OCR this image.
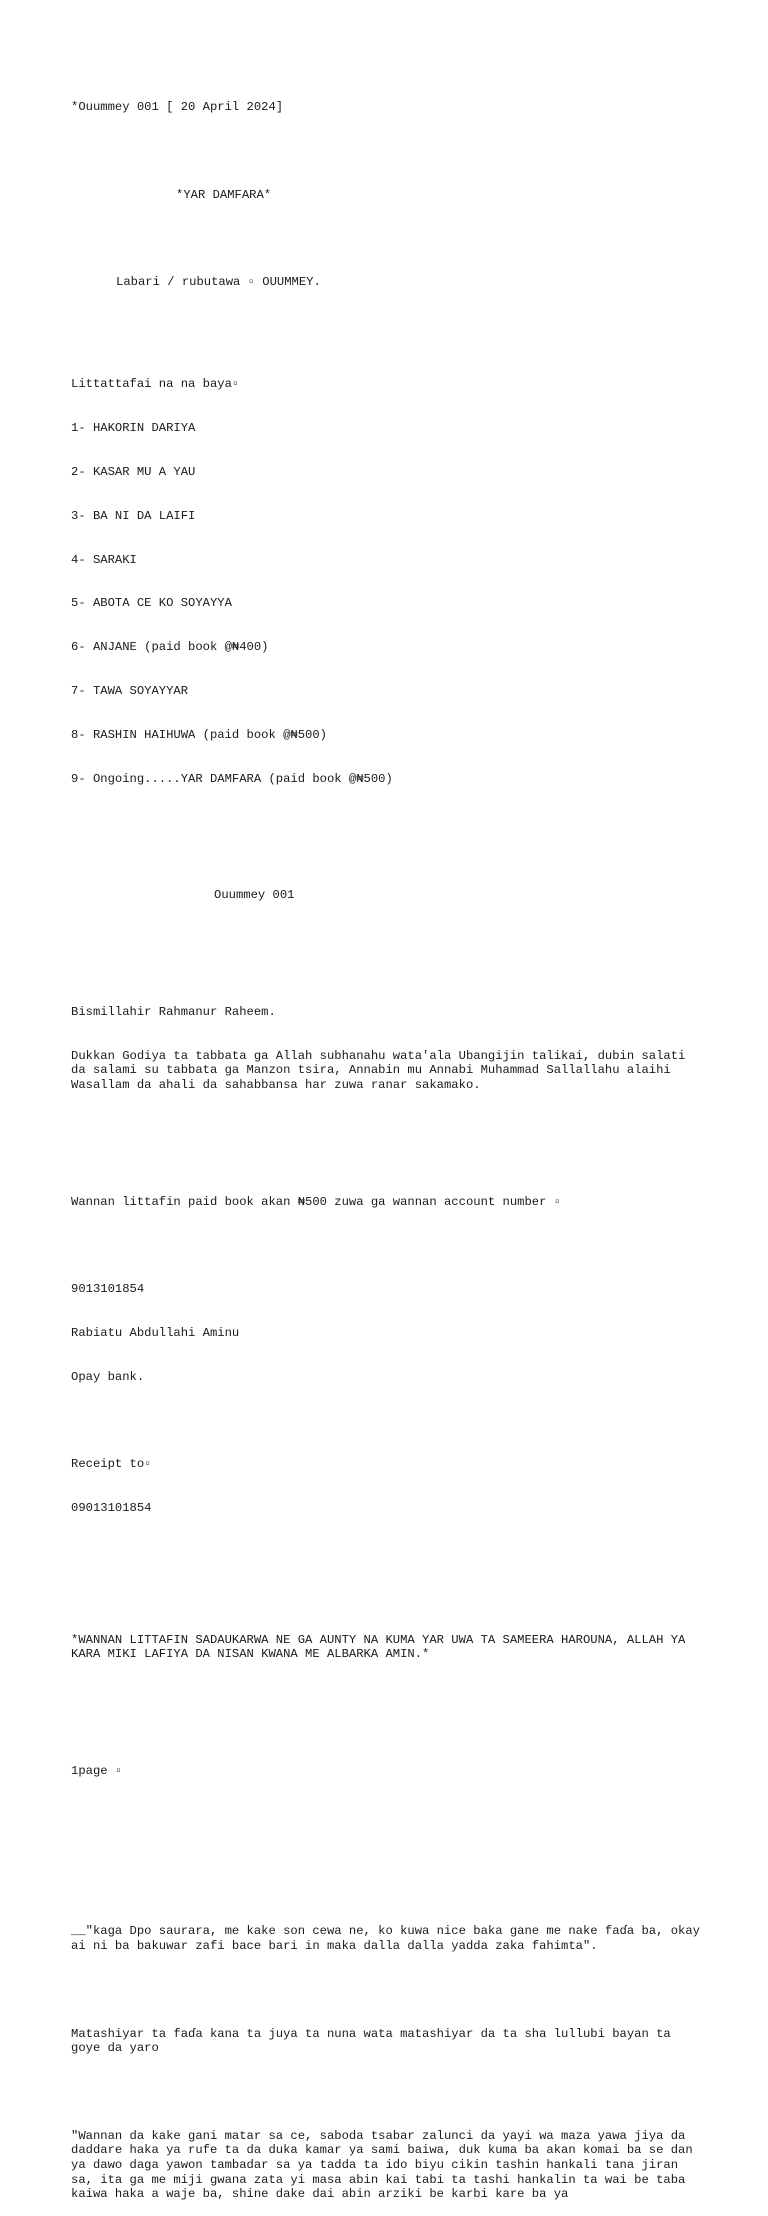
*Ouummey 001 [ 20 April 2024]

*YAR DAMFARA*

Labari / rubutawa ▫ OUUMMEY.

Littattafai na na baya▫

1- HAKORIN DARIYA

2- KASAR MU A YAU

3- BA NI DA LAIFI

4- SARAKI

5- ABOTA CE KO SOYAYYA

6- ANJANE (paid book @₦400)

7- TAWA SOYAYYAR

8- RASHIN HAIHUWA (paid book @₦500)

9- Ongoing.....YAR DAMFARA (paid book @₦500)

Ouummey 001

Bismillahir Rahmanur Raheem.

Dukkan Godiya ta tabbata ga Allah subhanahu wata'ala Ubangijin talikai, dubin salati da salami su tabbata ga Manzon tsira, Annabin mu Annabi Muhammad Sallallahu alaihi Wasallam da ahali da sahabbansa har zuwa ranar sakamako.

Wannan littafin paid book akan ₦500 zuwa ga wannan account number ▫

9013101854

Rabiatu Abdullahi Aminu

Opay bank.

Receipt to▫

09013101854

*WANNAN LITTAFIN SADAUKARWA NE GA AUNTY NA KUMA YAR UWA TA SAMEERA HAROUNA, ALLAH YA KARA MIKI LAFIYA DA NISAN KWANA ME ALBARKA AMIN.*

1page ▫

__"kaga Dpo saurara, me kake son cewa ne, ko kuwa nice baka gane me nake faɗa ba, okay ai ni ba bakuwar zafi bace bari in maka dalla dalla yadda zaka fahimta".

Matashiyar ta faɗa kana ta juya ta nuna wata matashiyar da ta sha lullubi bayan ta goye da yaro

"Wannan da kake gani matar sa ce, saboda tsabar zalunci da yayi wa maza yawa jiya da daddare haka ya rufe ta da duka kamar ya sami baiwa, duk kuma ba akan komai ba se dan ya dawo daga yawon tambadar sa ya tadda ta ido biyu cikin tashin hankali tana jiran sa, ita ga me miji gwana zata yi masa abin kai tabi ta tashi hankalin ta wai be taba kaiwa haka a waje ba, shine dake dai abin arziki be karbi kare ba ya
